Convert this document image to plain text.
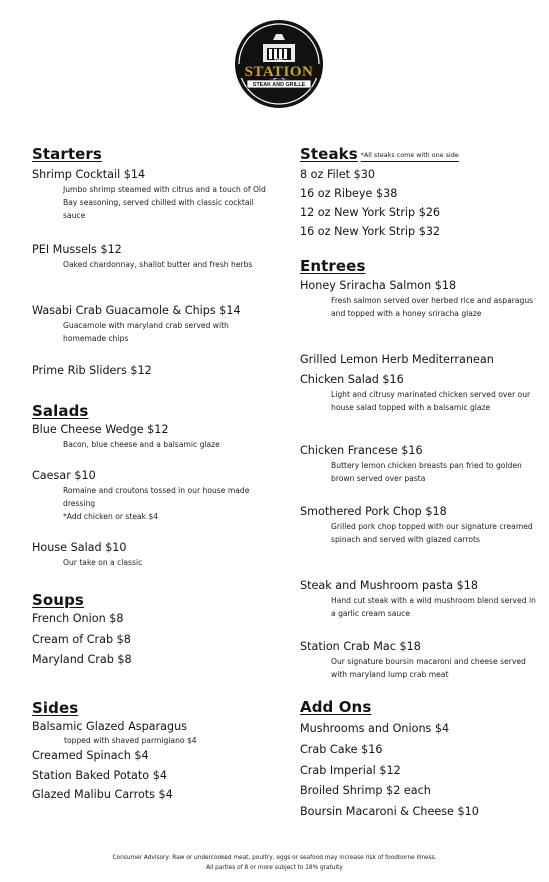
THE
STATION
STEAK AND GRILLE
Starters
Shrimp Cocktail $14
Jumbo shrimp steamed with citrus and a touch of Old Bay seasoning, served chilled with classic cocktail sauce
PEI Mussels $12
Oaked chardonnay, shallot butter and fresh herbs
Wasabi Crab Guacamole & Chips $14
Guacamole with maryland crab served with homemade chips
Prime Rib Sliders $12
Salads
Blue Cheese Wedge $12
Bacon, blue cheese and a balsamic glaze
Caesar $10
Romaine and croutons tossed in our house made dressing
*Add chicken or steak $4
House Salad $10
Our take on a classic
Soups
French Onion $8
Cream of Crab $8
Maryland Crab $8
Sides
Balsamic Glazed Asparagus
topped with shaved parmigiano $4
Creamed Spinach $4
Station Baked Potato $4
Glazed Malibu Carrots $4
Steaks *All steaks come with one side
8 oz Filet $30
16 oz Ribeye $38
12 oz New York Strip $26
16 oz New York Strip $32
Entrees
Honey Sriracha Salmon $18
Fresh salmon served over herbed rice and asparagus and topped with a honey sriracha glaze
Grilled Lemon Herb Mediterranean
Chicken Salad $16
Light and citrusy marinated chicken served over our house salad topped with a balsamic glaze
Chicken Francese $16
Buttery lemon chicken breasts pan fried to golden brown served over pasta
Smothered Pork Chop $18
Grilled pork chop topped with our signature creamed spinach and served with glazed carrots
Steak and Mushroom pasta $18
Hand cut steak with a wild mushroom blend served in a garlic cream sauce
Station Crab Mac $18
Our signature boursin macaroni and cheese served with maryland lump crab meat
Add Ons
Mushrooms and Onions $4
Crab Cake $16
Crab Imperial $12
Broiled Shrimp $2 each
Boursin Macaroni & Cheese $10
Consumer Advisory: Raw or undercooked meat, poultry, eggs or seafood may increase risk of foodborne illness.
All parties of 8 or more subject to 18% gratuity
